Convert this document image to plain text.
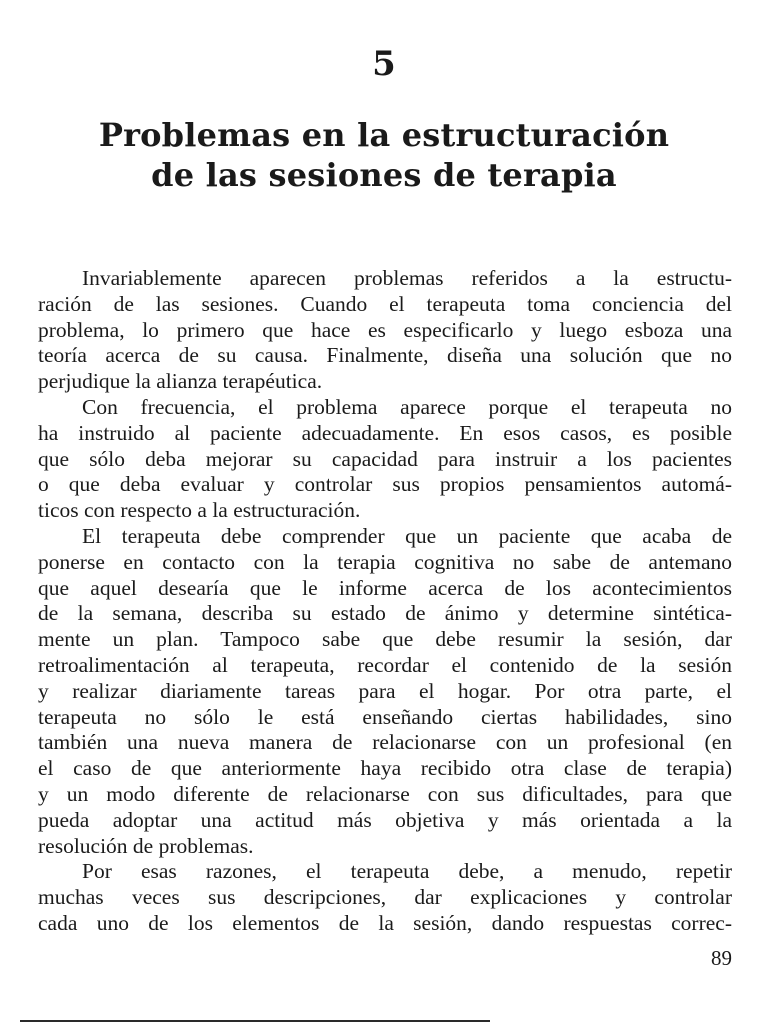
5
Problemas en la estructuración
de las sesiones de terapia
Invariablemente aparecen problemas referidos a la estructu-
ración de las sesiones. Cuando el terapeuta toma conciencia del
problema, lo primero que hace es especificarlo y luego esboza una
teoría acerca de su causa. Finalmente, diseña una solución que no
perjudique la alianza terapéutica.
Con frecuencia, el problema aparece porque el terapeuta no
ha instruido al paciente adecuadamente. En esos casos, es posible
que sólo deba mejorar su capacidad para instruir a los pacientes
o que deba evaluar y controlar sus propios pensamientos automá-
ticos con respecto a la estructuración.
El terapeuta debe comprender que un paciente que acaba de
ponerse en contacto con la terapia cognitiva no sabe de antemano
que aquel desearía que le informe acerca de los acontecimientos
de la semana, describa su estado de ánimo y determine sintética-
mente un plan. Tampoco sabe que debe resumir la sesión, dar
retroalimentación al terapeuta, recordar el contenido de la sesión
y realizar diariamente tareas para el hogar. Por otra parte, el
terapeuta no sólo le está enseñando ciertas habilidades, sino
también una nueva manera de relacionarse con un profesional (en
el caso de que anteriormente haya recibido otra clase de terapia)
y un modo diferente de relacionarse con sus dificultades, para que
pueda adoptar una actitud más objetiva y más orientada a la
resolución de problemas.
Por esas razones, el terapeuta debe, a menudo, repetir
muchas veces sus descripciones, dar explicaciones y controlar
cada uno de los elementos de la sesión, dando respuestas correc-
89
